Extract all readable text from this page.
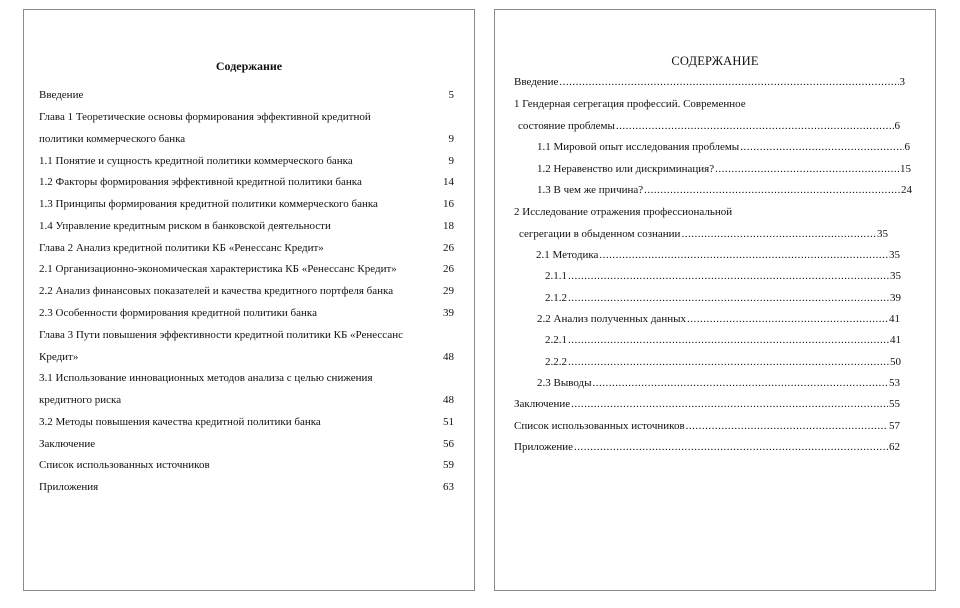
Содержание
Введение	5
Глава 1 Теоретические основы формирования эффективной кредитной
политики коммерческого банка	9
1.1 Понятие и сущность кредитной политики коммерческого банка	9
1.2 Факторы формирования эффективной кредитной политики банка	14
1.3 Принципы формирования кредитной политики коммерческого банка	16
1.4 Управление кредитным риском в банковской деятельности	18
Глава 2 Анализ кредитной политики КБ «Ренессанс Кредит»	26
2.1 Организационно-экономическая характеристика КБ «Ренессанс Кредит»	26
2.2 Анализ финансовых показателей и качества кредитного портфеля банка	29
2.3 Особенности формирования кредитной политики банка	39
Глава 3 Пути повышения эффективности кредитной политики КБ «Ренессанс
Кредит»	48
3.1 Использование инновационных методов анализа с целью снижения
кредитного риска	48
3.2 Методы повышения качества кредитной политики банка	51
Заключение	56
Список использованных источников	59
Приложения	63
СОДЕРЖАНИЕ
Введение .....	3
1 Гендерная сегрегация профессий. Современное
состояние проблемы .....	6
1.1 Мировой опыт исследования проблемы .....	6
1.2 Неравенство или дискриминация? .....	15
1.3 В чем же причина? .....	24
2 Исследование отражения профессиональной
сегрегации в обыденном сознании .....	35
2.1 Методика .....	35
2.1.1 .....	35
2.1.2 .....	39
2.2 Анализ полученных данных .....	41
2.2.1 .....	41
2.2.2 .....	50
2.3 Выводы .....	53
Заключение .....	55
Список использованных источников .....	57
Приложение .....	62
